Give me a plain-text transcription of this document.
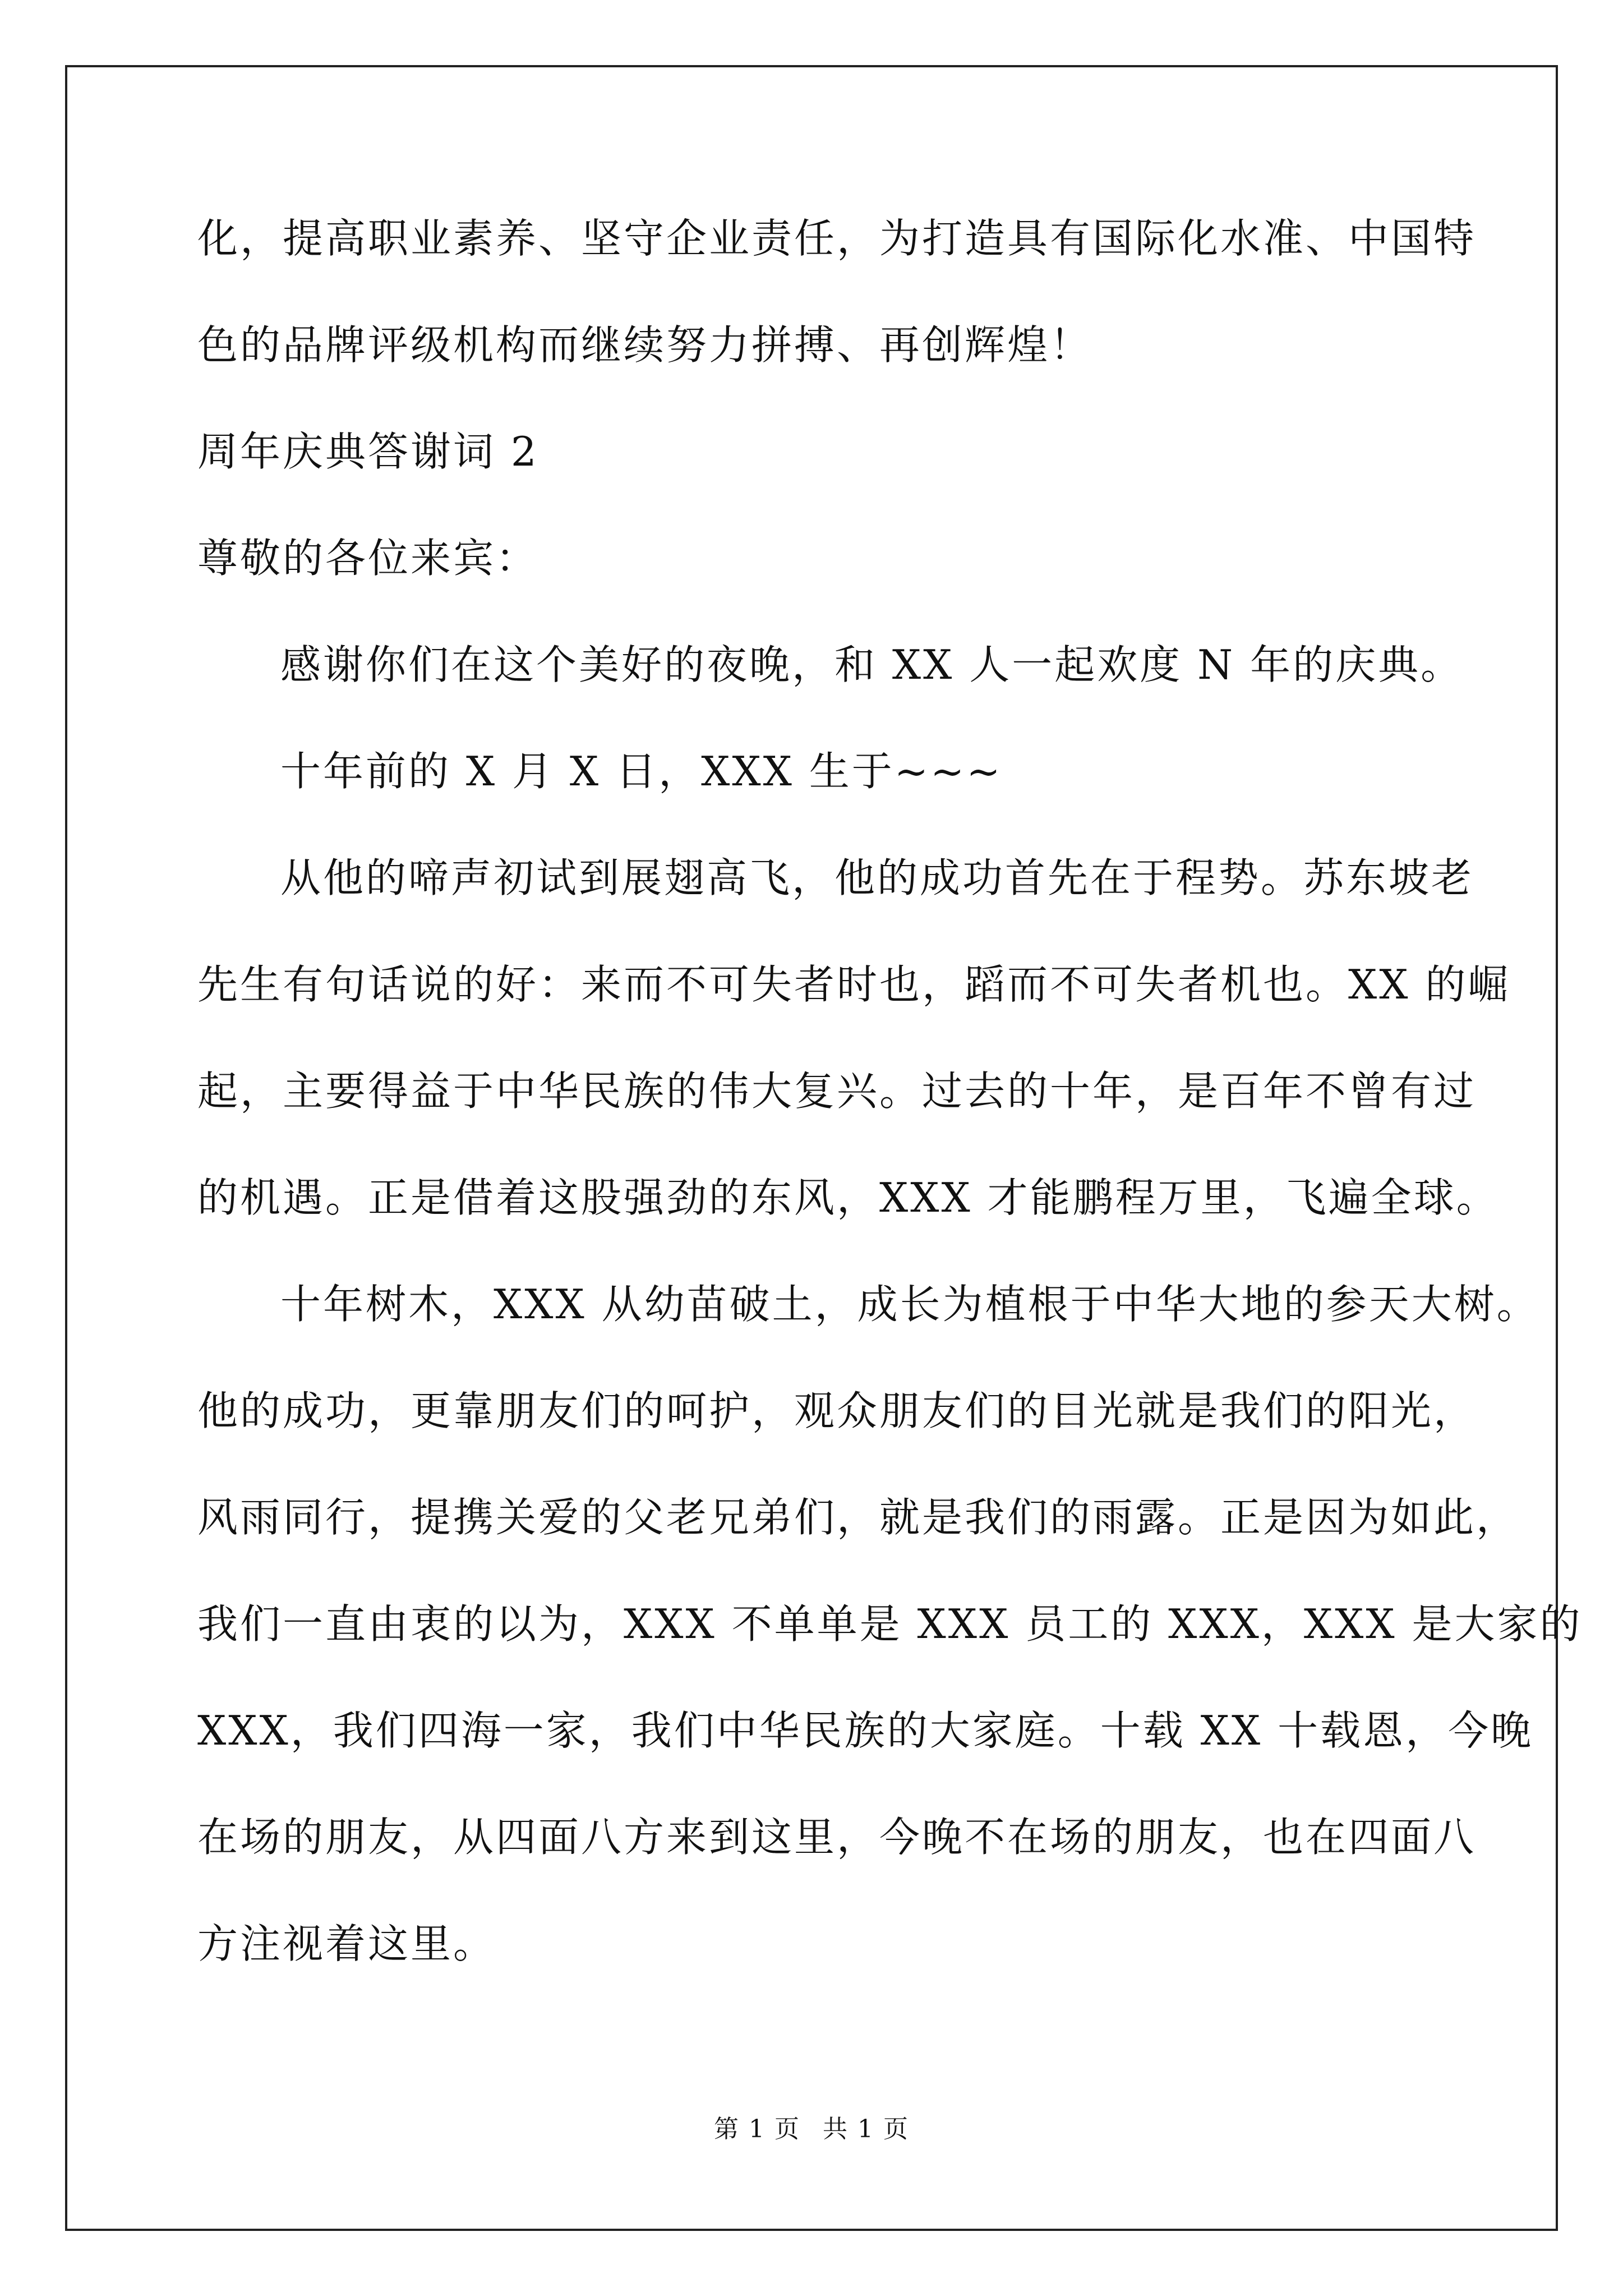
化，提高职业素养、坚守企业责任，为打造具有国际化水准、中国特
色的品牌评级机构而继续努力拼搏、再创辉煌！
周年庆典答谢词 2
尊敬的各位来宾：
感谢你们在这个美好的夜晚，和 XX 人一起欢度 N 年的庆典。
十年前的 X 月 X 日，XXX 生于~~~
从他的啼声初试到展翅高飞，他的成功首先在于程势。苏东坡老
先生有句话说的好：来而不可失者时也，蹈而不可失者机也。XX 的崛
起，主要得益于中华民族的伟大复兴。过去的十年，是百年不曾有过
的机遇。正是借着这股强劲的东风，XXX 才能鹏程万里，飞遍全球。
十年树木，XXX 从幼苗破土，成长为植根于中华大地的参天大树。
他的成功，更靠朋友们的呵护，观众朋友们的目光就是我们的阳光，
风雨同行，提携关爱的父老兄弟们，就是我们的雨露。正是因为如此，
我们一直由衷的以为，XXX 不单单是 XXX 员工的 XXX，XXX 是大家的
XXX，我们四海一家，我们中华民族的大家庭。十载 XX 十载恩，今晚
在场的朋友，从四面八方来到这里，今晚不在场的朋友，也在四面八
方注视着这里。
第 1 页 共 1 页
